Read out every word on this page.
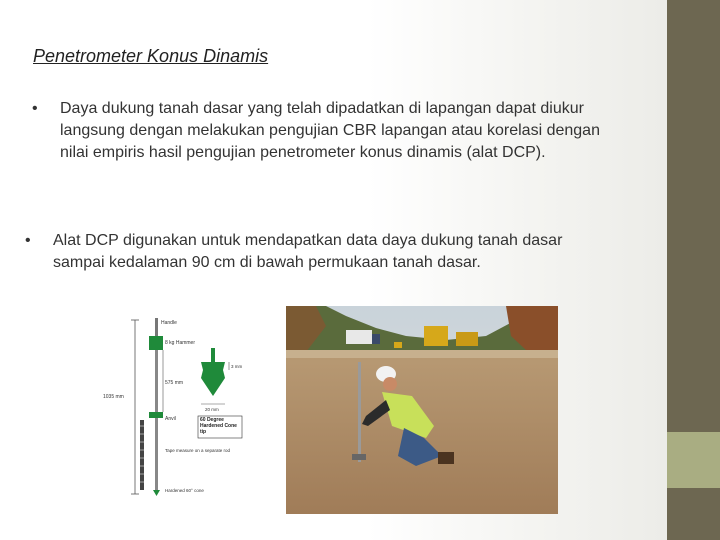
Penetrometer Konus Dinamis
• Daya dukung tanah dasar yang telah dipadatkan di lapangan dapat diukur langsung dengan melakukan pengujian CBR lapangan atau korelasi dengan nilai empiris hasil pengujian penetrometer konus dinamis (alat DCP).
• Alat DCP digunakan untuk mendapatkan data daya dukung tanah dasar sampai kedalaman 90 cm di bawah permukaan tanah dasar.
1035 mm
Handle
8 kg Hammer
575 mm
Anvil
Tape measure on a separate rod
Hardened 60° cone
3 mm
20 mm
60 Degree Hardened Cone tip
